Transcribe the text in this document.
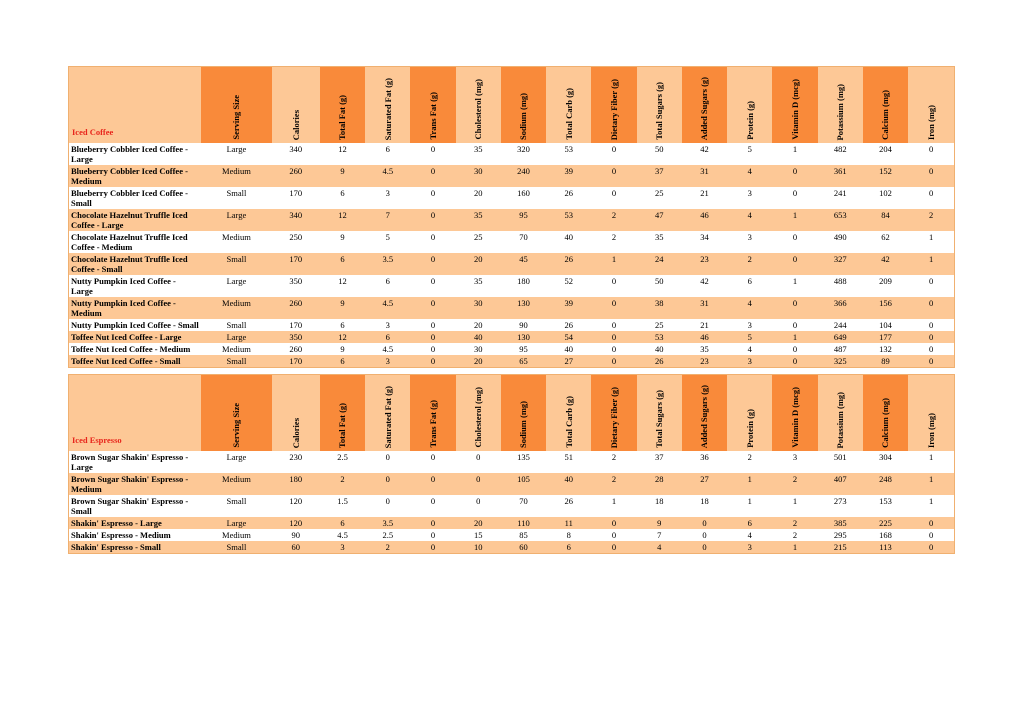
Iced Coffee	Serving Size	Calories	Total Fat (g)	Saturated Fat (g)	Trans Fat (g)	Cholesterol (mg)	Sodium (mg)	Total Carb (g)	Dietary Fiber (g)	Total Sugars (g)	Added Sugars (g)	Protein (g)	Vitamin D (mcg)	Potassium (mg)	Calcium (mg)	Iron (mg)

Blueberry Cobbler Iced Coffee - Large	Large	340	12	6	0	35	320	53	0	50	42	5	1	482	204	0
Blueberry Cobbler Iced Coffee - Medium	Medium	260	9	4.5	0	30	240	39	0	37	31	4	0	361	152	0
Blueberry Cobbler Iced Coffee - Small	Small	170	6	3	0	20	160	26	0	25	21	3	0	241	102	0
Chocolate Hazelnut Truffle Iced Coffee - Large	Large	340	12	7	0	35	95	53	2	47	46	4	1	653	84	2
Chocolate Hazelnut Truffle Iced Coffee - Medium	Medium	250	9	5	0	25	70	40	2	35	34	3	0	490	62	1
Chocolate Hazelnut Truffle Iced Coffee - Small	Small	170	6	3.5	0	20	45	26	1	24	23	2	0	327	42	1
Nutty Pumpkin Iced Coffee - Large	Large	350	12	6	0	35	180	52	0	50	42	6	1	488	209	0
Nutty Pumpkin Iced Coffee - Medium	Medium	260	9	4.5	0	30	130	39	0	38	31	4	0	366	156	0
Nutty Pumpkin Iced Coffee - Small	Small	170	6	3	0	20	90	26	0	25	21	3	0	244	104	0
Toffee Nut Iced Coffee - Large	Large	350	12	6	0	40	130	54	0	53	46	5	1	649	177	0
Toffee Nut Iced Coffee - Medium	Medium	260	9	4.5	0	30	95	40	0	40	35	4	0	487	132	0
Toffee Nut Iced Coffee - Small	Small	170	6	3	0	20	65	27	0	26	23	3	0	325	89	0
Iced Espresso	Serving Size	Calories	Total Fat (g)	Saturated Fat (g)	Trans Fat (g)	Cholesterol (mg)	Sodium (mg)	Total Carb (g)	Dietary Fiber (g)	Total Sugars (g)	Added Sugars (g)	Protein (g)	Vitamin D (mcg)	Potassium (mg)	Calcium (mg)	Iron (mg)

Brown Sugar Shakin' Espresso - Large	Large	230	2.5	0	0	0	135	51	2	37	36	2	3	501	304	1
Brown Sugar Shakin' Espresso - Medium	Medium	180	2	0	0	0	105	40	2	28	27	1	2	407	248	1
Brown Sugar Shakin' Espresso - Small	Small	120	1.5	0	0	0	70	26	1	18	18	1	1	273	153	1
Shakin' Espresso - Large	Large	120	6	3.5	0	20	110	11	0	9	0	6	2	385	225	0
Shakin' Espresso - Medium	Medium	90	4.5	2.5	0	15	85	8	0	7	0	4	2	295	168	0
Shakin' Espresso - Small	Small	60	3	2	0	10	60	6	0	4	0	3	1	215	113	0
